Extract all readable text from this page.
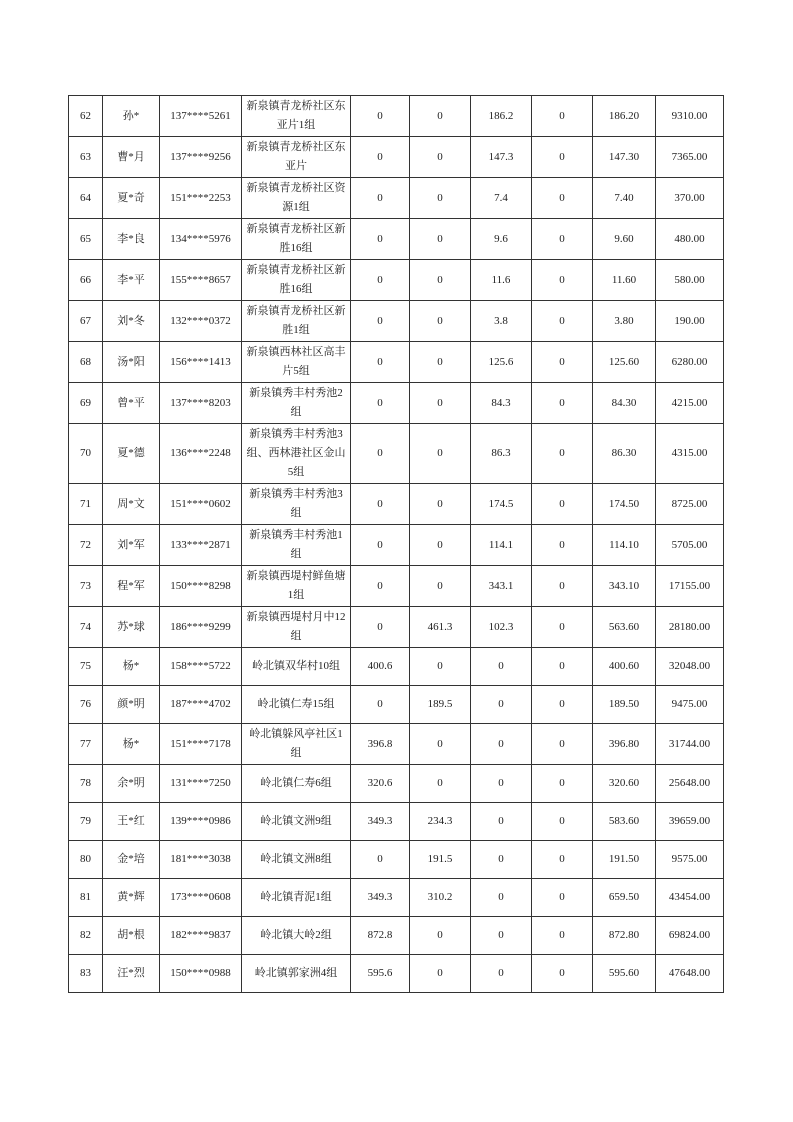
62	孙*	137****5261	新泉镇青龙桥社区东亚片1组	0	0	186.2	0	186.20	9310.00
63	曹*月	137****9256	新泉镇青龙桥社区东亚片	0	0	147.3	0	147.30	7365.00
64	夏*奇	151****2253	新泉镇青龙桥社区资源1组	0	0	7.4	0	7.40	370.00
65	李*良	134****5976	新泉镇青龙桥社区新胜16组	0	0	9.6	0	9.60	480.00
66	李*平	155****8657	新泉镇青龙桥社区新胜16组	0	0	11.6	0	11.60	580.00
67	刘*冬	132****0372	新泉镇青龙桥社区新胜1组	0	0	3.8	0	3.80	190.00
68	汤*阳	156****1413	新泉镇西林社区高丰片5组	0	0	125.6	0	125.60	6280.00
69	曾*平	137****8203	新泉镇秀丰村秀池2组	0	0	84.3	0	84.30	4215.00
70	夏*德	136****2248	新泉镇秀丰村秀池3组、西林港社区金山5组	0	0	86.3	0	86.30	4315.00
71	周*文	151****0602	新泉镇秀丰村秀池3组	0	0	174.5	0	174.50	8725.00
72	刘*军	133****2871	新泉镇秀丰村秀池1组	0	0	114.1	0	114.10	5705.00
73	程*军	150****8298	新泉镇西堤村鲜鱼塘1组	0	0	343.1	0	343.10	17155.00
74	苏*球	186****9299	新泉镇西堤村月中12组	0	461.3	102.3	0	563.60	28180.00
75	杨*	158****5722	岭北镇双华村10组	400.6	0	0	0	400.60	32048.00
76	颜*明	187****4702	岭北镇仁寿15组	0	189.5	0	0	189.50	9475.00
77	杨*	151****7178	岭北镇躲风亭社区1组	396.8	0	0	0	396.80	31744.00
78	余*明	131****7250	岭北镇仁寿6组	320.6	0	0	0	320.60	25648.00
79	王*红	139****0986	岭北镇文洲9组	349.3	234.3	0	0	583.60	39659.00
80	金*培	181****3038	岭北镇文洲8组	0	191.5	0	0	191.50	9575.00
81	黄*辉	173****0608	岭北镇青泥1组	349.3	310.2	0	0	659.50	43454.00
82	胡*根	182****9837	岭北镇大岭2组	872.8	0	0	0	872.80	69824.00
83	汪*烈	150****0988	岭北镇郭家洲4组	595.6	0	0	0	595.60	47648.00
